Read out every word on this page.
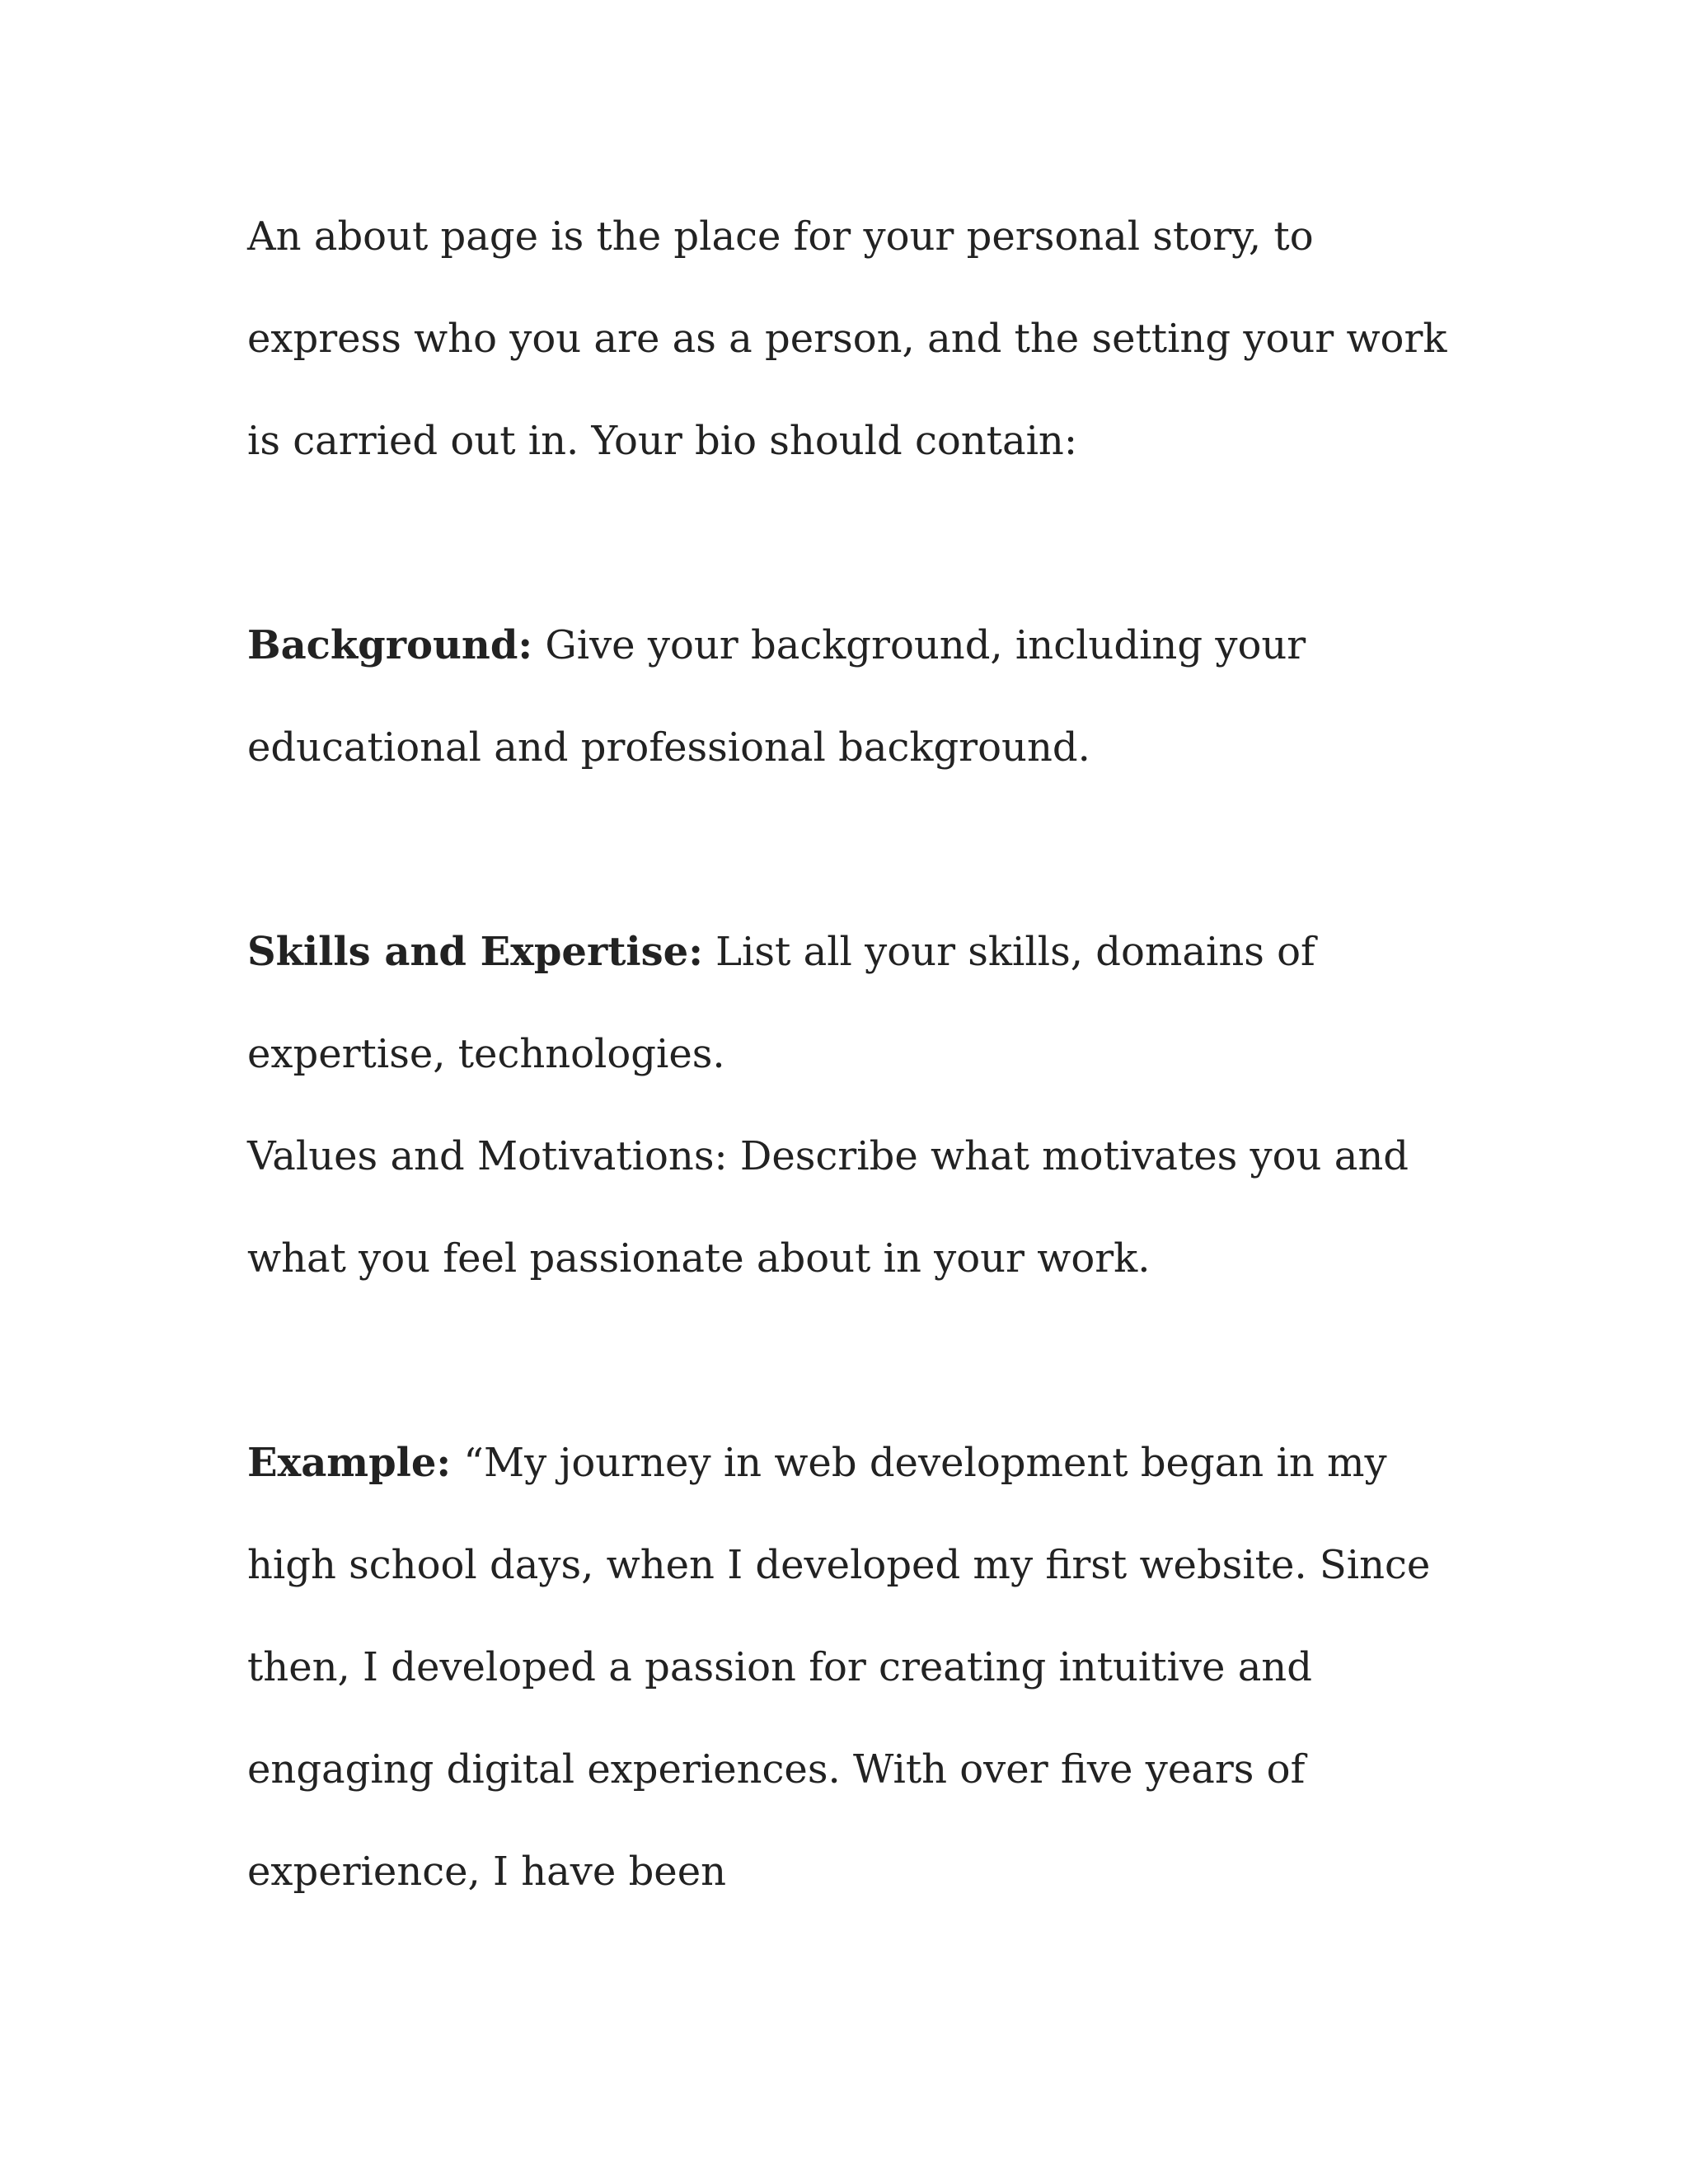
An about page is the place for your personal story, to express who you are as a person, and the setting your work is carried out in. Your bio should contain:

Background: Give your background, including your educational and professional background.

Skills and Expertise: List all your skills, domains of expertise, technologies.

Values and Motivations: Describe what motivates you and what you feel passionate about in your work.

Example: “My journey in web development began in my high school days, when I developed my first website. Since then, I developed a passion for creating intuitive and engaging digital experiences. With over five years of experience, I have been
